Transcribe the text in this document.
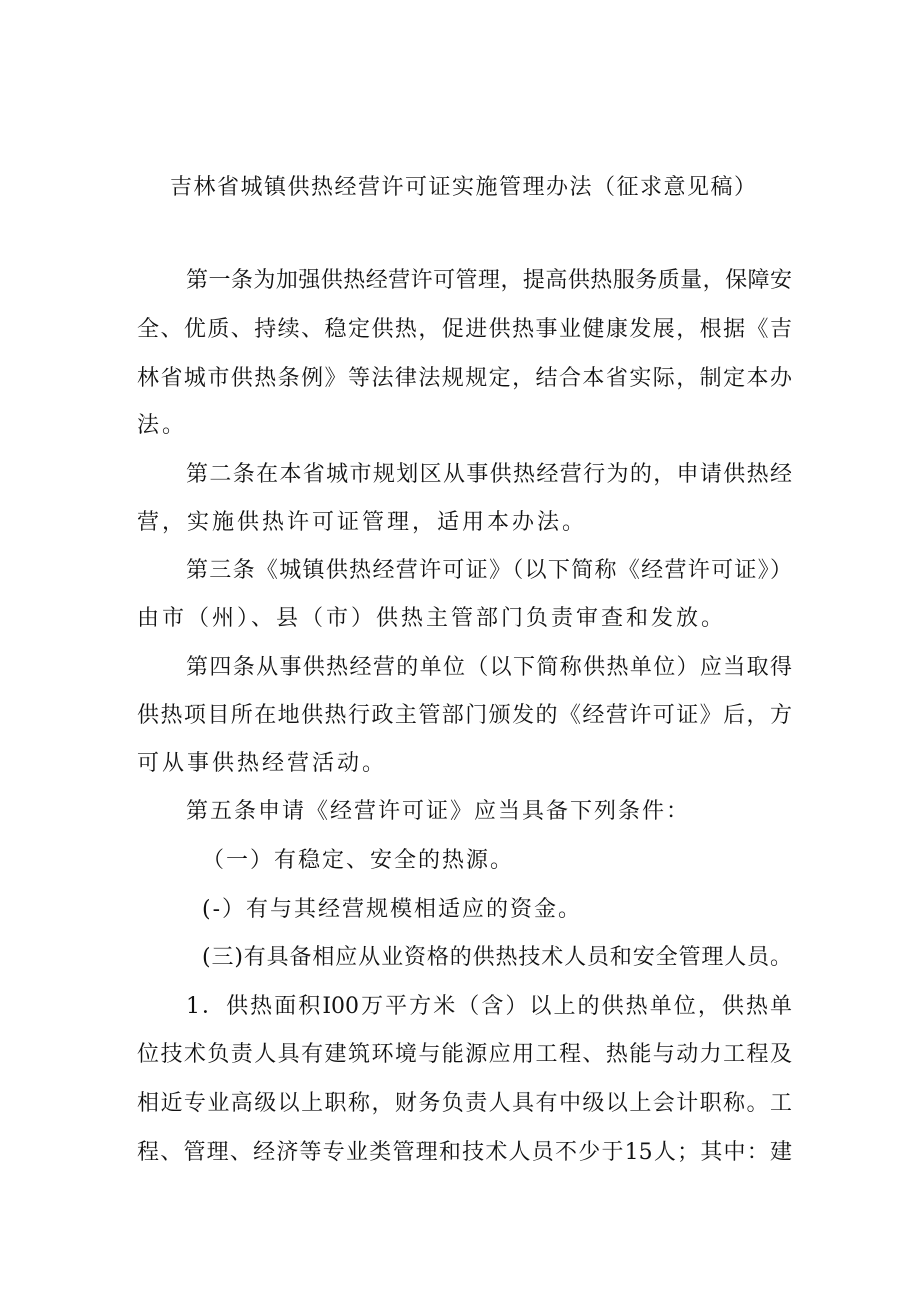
吉林省城镇供热经营许可证实施管理办法（征求意见稿）
第一条为加强供热经营许可管理，提高供热服务质量，保障安
全、优质、持续、稳定供热，促进供热事业健康发展，根据《吉
林省城市供热条例》等法律法规规定，结合本省实际，制定本办
法。
第二条在本省城市规划区从事供热经营行为的，申请供热经
营，实施供热许可证管理，适用本办法。
第三条《城镇供热经营许可证》（以下简称《经营许可证》）
由市（州）、县（市）供热主管部门负责审查和发放。
第四条从事供热经营的单位（以下简称供热单位）应当取得
供热项目所在地供热行政主管部门颁发的《经营许可证》后，方
可从事供热经营活动。
第五条申请《经营许可证》应当具备下列条件：
（一）有稳定、安全的热源。
(-）有与其经营规模相适应的资金。
(三)有具备相应从业资格的供热技术人员和安全管理人员。
1．供热面积I00万平方米（含）以上的供热单位，供热单
位技术负责人具有建筑环境与能源应用工程、热能与动力工程及
相近专业高级以上职称，财务负责人具有中级以上会计职称。工
程、管理、经济等专业类管理和技术人员不少于15人；其中：建
